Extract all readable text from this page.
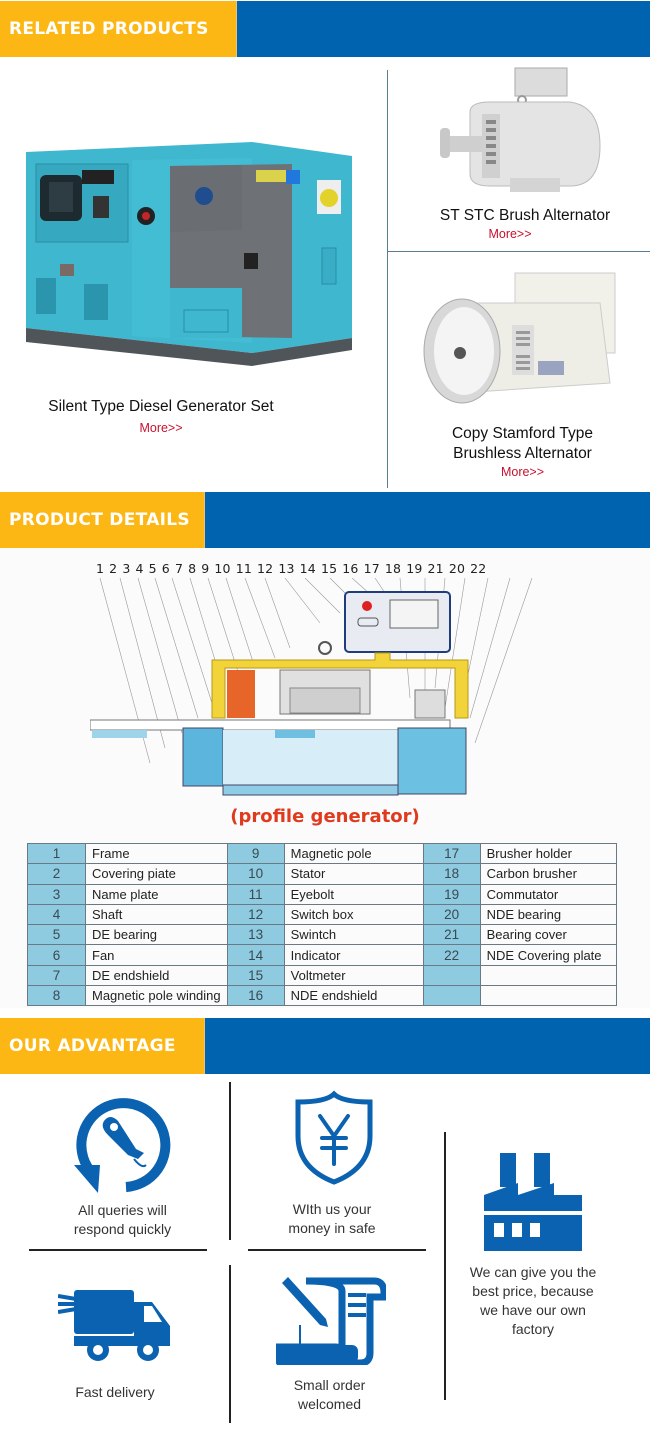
RELATED PRODUCTS
Silent Type Diesel Generator Set
More>>
ST STC Brush Alternator
More>>
Copy Stamford Type
Brushless Alternator
More>>
PRODUCT DETAILS
1 2 3 4 5 6 7 8 9 10 11 12 13 14 15 16 17 18 19 21 20 22
(profile generator)
1	Frame	9	Magnetic pole	17	Brusher holder
2	Covering piate	10	Stator	18	Carbon brusher
3	Name plate	11	Eyebolt	19	Commutator
4	Shaft	12	Switch box	20	NDE bearing
5	DE bearing	13	Swintch	21	Bearing cover
6	Fan	14	Indicator	22	NDE Covering plate
7	DE endshield	15	Voltmeter		
8	Magnetic pole winding	16	NDE endshield		
OUR ADVANTAGE
All queries will
respond quickly
WIth us your
money in safe
We can give you the
best price, because
we have our own
factory
Fast delivery	Small order
welcomed
